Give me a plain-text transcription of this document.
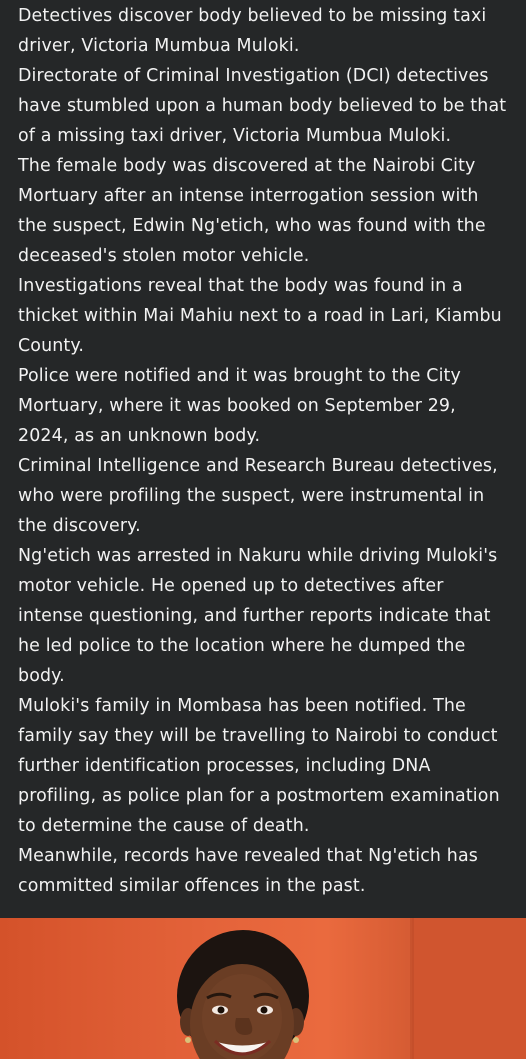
Detectives discover body believed to be missing taxi
driver, Victoria Mumbua Muloki.
Directorate of Criminal Investigation (DCI) detectives
have stumbled upon a human body believed to be that
of a missing taxi driver, Victoria Mumbua Muloki.
The female body was discovered at the Nairobi City
Mortuary after an intense interrogation session with
the suspect, Edwin Ng'etich, who was found with the
deceased's stolen motor vehicle.
Investigations reveal that the body was found in a
thicket within Mai Mahiu next to a road in Lari, Kiambu
County.
Police were notified and it was brought to the City
Mortuary, where it was booked on September 29,
2024, as an unknown body.
Criminal Intelligence and Research Bureau detectives,
who were profiling the suspect, were instrumental in
the discovery.
Ng'etich was arrested in Nakuru while driving Muloki's
motor vehicle. He opened up to detectives after
intense questioning, and further reports indicate that
he led police to the location where he dumped the
body.
Muloki's family in Mombasa has been notified. The
family say they will be travelling to Nairobi to conduct
further identification processes, including DNA
profiling, as police plan for a postmortem examination
to determine the cause of death.
Meanwhile, records have revealed that Ng'etich has
committed similar offences in the past.
